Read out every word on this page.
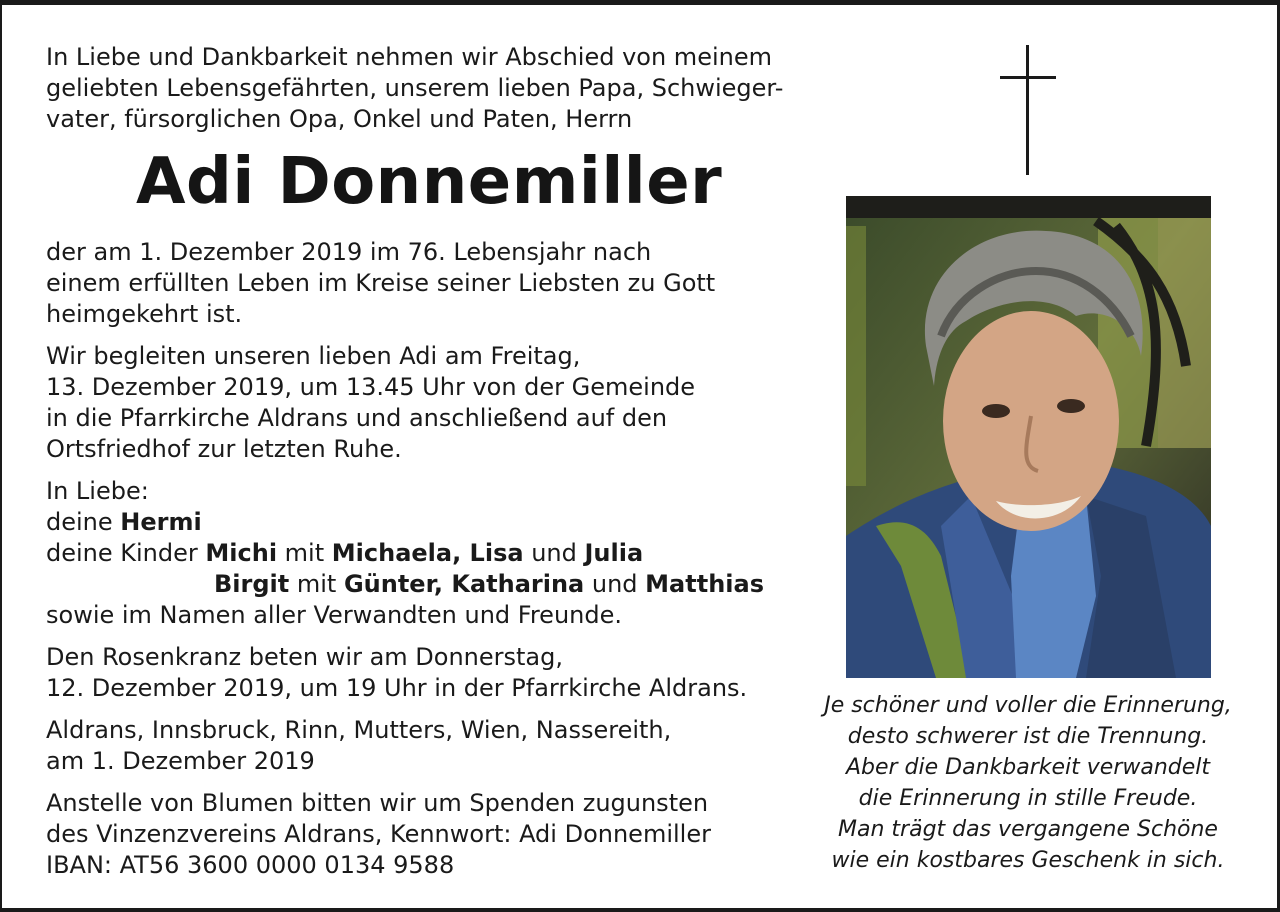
In Liebe und Dankbarkeit nehmen wir Abschied von meinem
geliebten Lebensgefährten, unserem lieben Papa, Schwieger-
vater, fürsorglichen Opa, Onkel und Paten, Herrn
Adi Donnemiller
der am 1. Dezember 2019 im 76. Lebensjahr nach
einem erfüllten Leben im Kreise seiner Liebsten zu Gott
heimgekehrt ist.
Wir begleiten unseren lieben Adi am Freitag,
13. Dezember 2019, um 13.45 Uhr von der Gemeinde
in die Pfarrkirche Aldrans und anschließend auf den
Ortsfriedhof zur letzten Ruhe.
In Liebe:
deine Hermi
deine Kinder Michi mit Michaela, Lisa und Julia
Birgit mit Günter, Katharina und Matthias
sowie im Namen aller Verwandten und Freunde.
Den Rosenkranz beten wir am Donnerstag,
12. Dezember 2019, um 19 Uhr in der Pfarrkirche Aldrans.
Aldrans, Innsbruck, Rinn, Mutters, Wien, Nassereith,
am 1. Dezember 2019
Anstelle von Blumen bitten wir um Spenden zugunsten
des Vinzenzvereins Aldrans, Kennwort: Adi Donnemiller
IBAN: AT56 3600 0000 0134 9588
Je schöner und voller die Erinnerung,
desto schwerer ist die Trennung.
Aber die Dankbarkeit verwandelt
die Erinnerung in stille Freude.
Man trägt das vergangene Schöne
wie ein kostbares Geschenk in sich.
